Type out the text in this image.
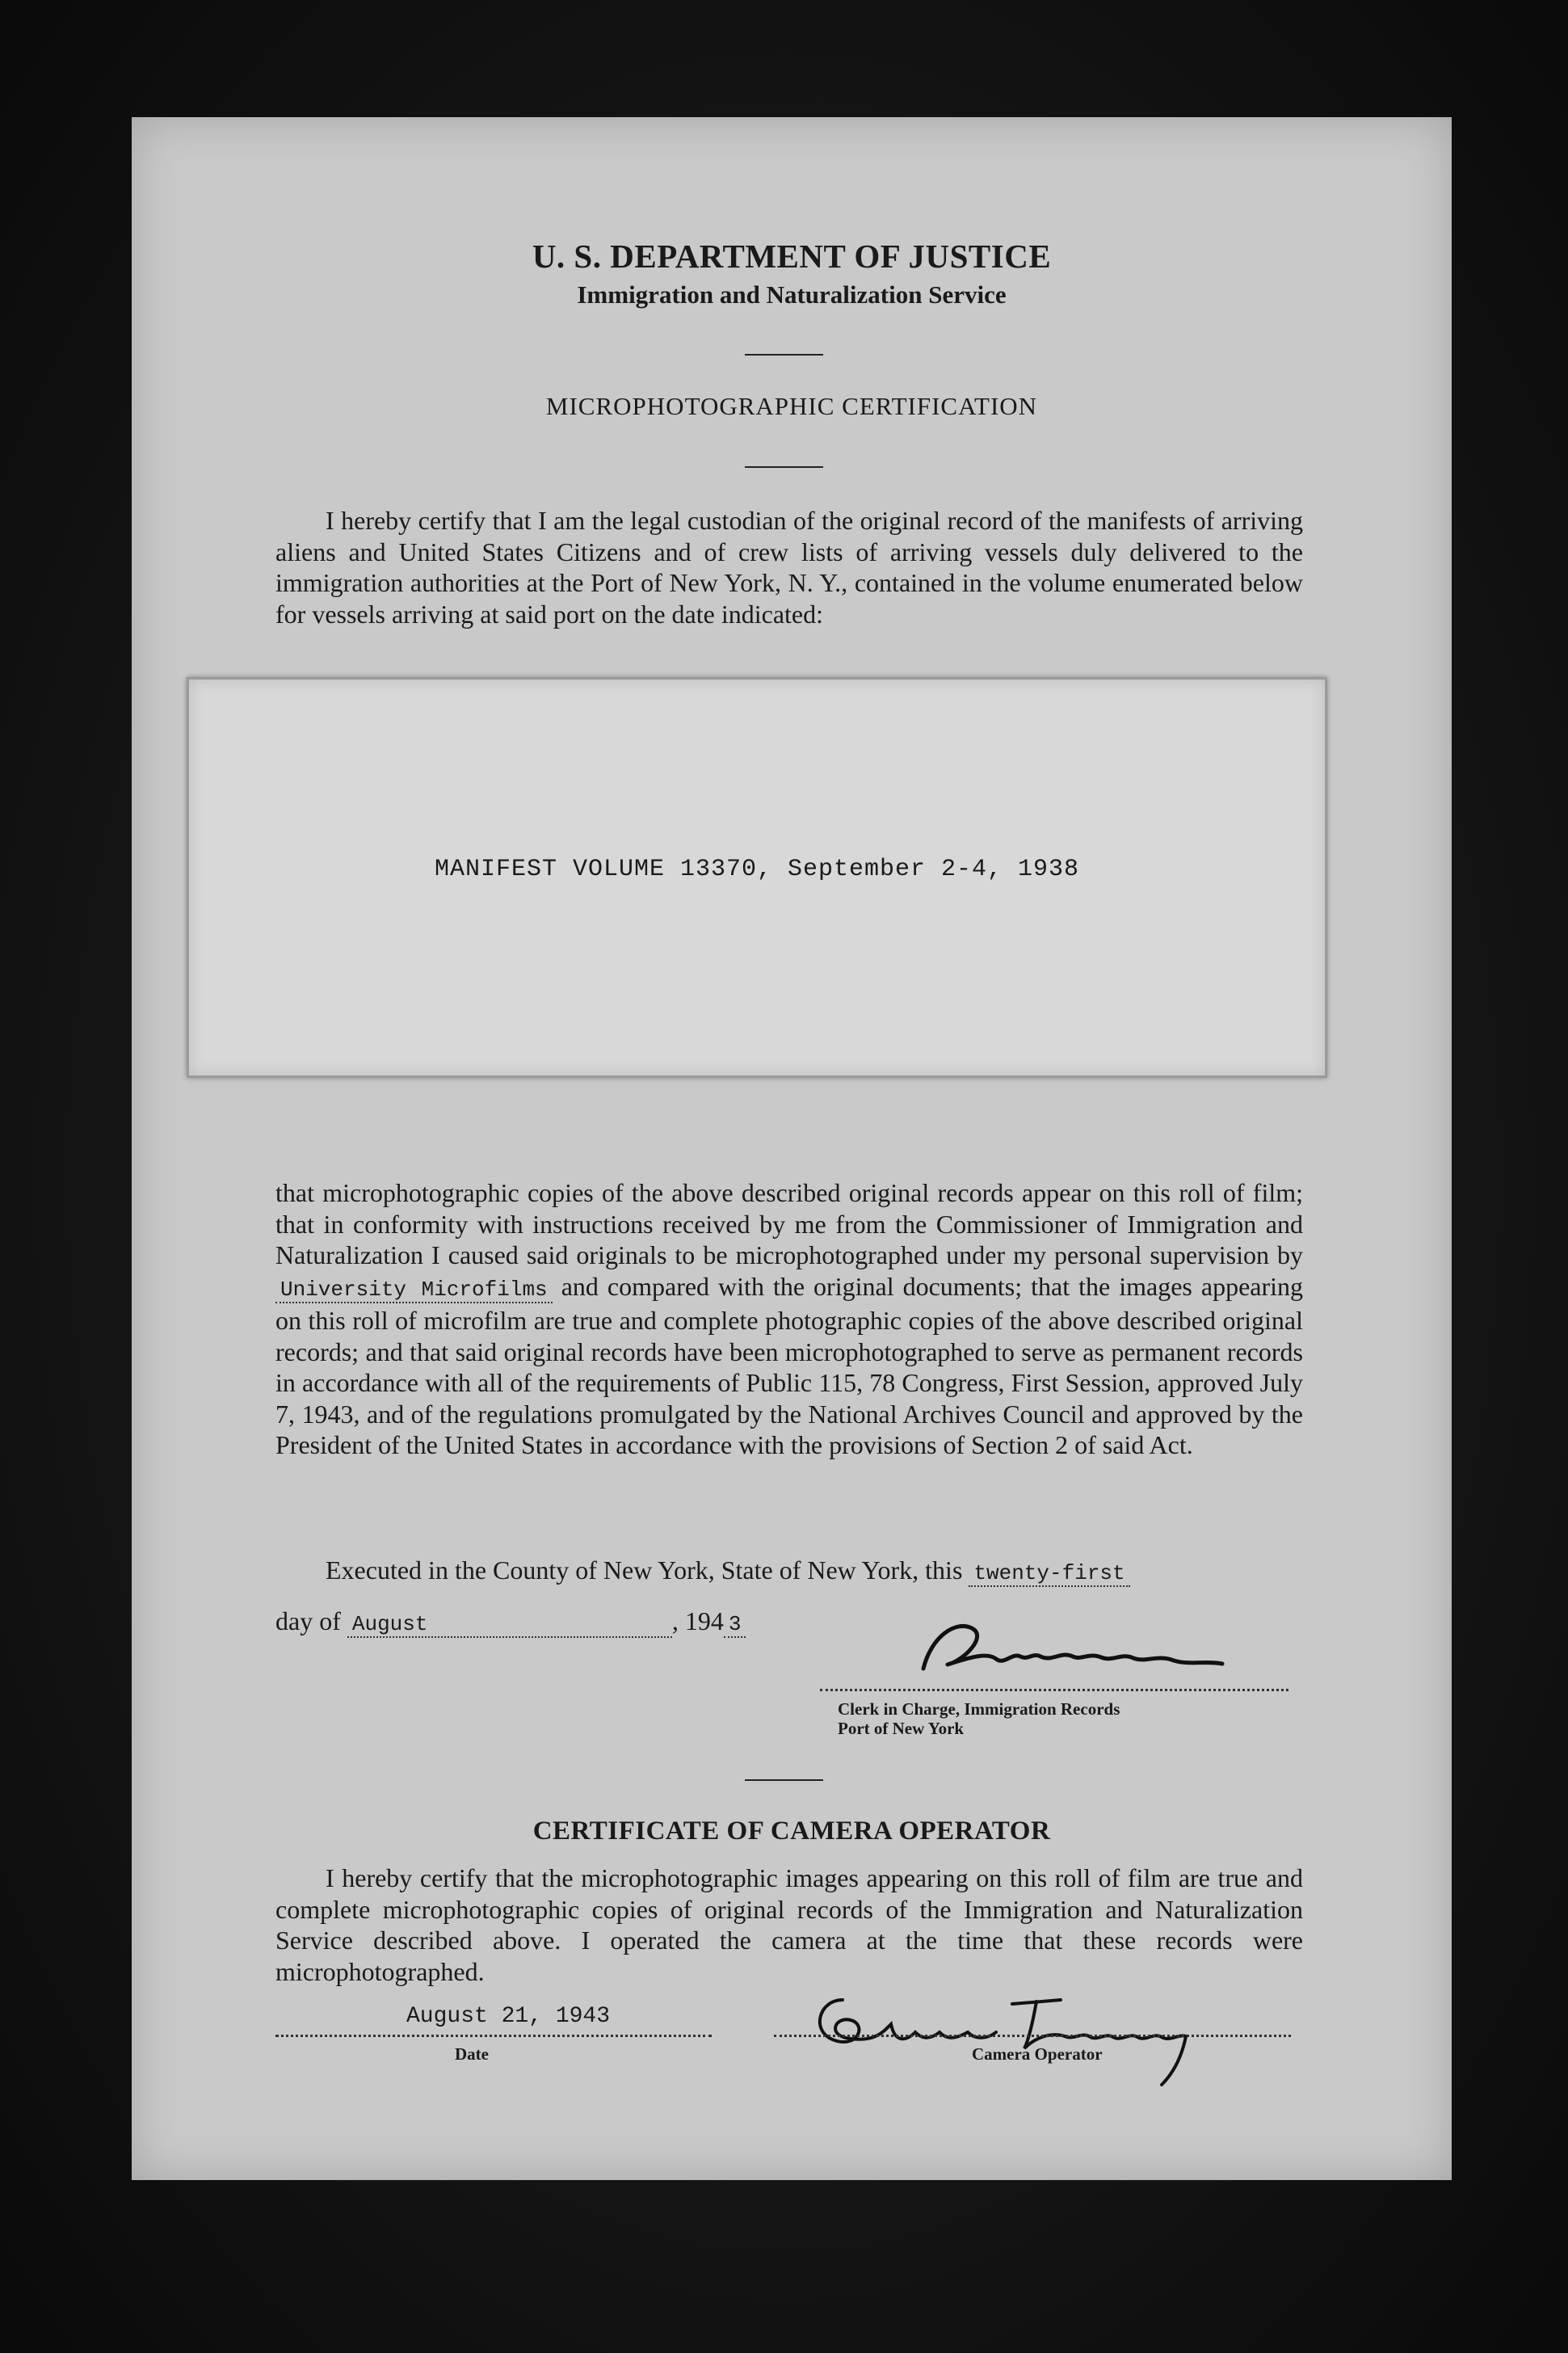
U. S. DEPARTMENT OF JUSTICE
Immigration and Naturalization Service
MICROPHOTOGRAPHIC CERTIFICATION
I hereby certify that I am the legal custodian of the original record of the manifests of arriving aliens and United States Citizens and of crew lists of arriving vessels duly delivered to the immigration authorities at the Port of New York, N. Y., contained in the volume enumerated below for vessels arriving at said port on the date indicated:
MANIFEST VOLUME 13370, September 2-4, 1938
that microphotographic copies of the above described original records appear on this roll of film; that in conformity with instructions received by me from the Commissioner of Immigration and Naturalization I caused said originals to be microphotographed under my personal supervision by University Microfilms and compared with the original documents; that the images appearing on this roll of microfilm are true and complete photographic copies of the above described original records; and that said original records have been microphotographed to serve as permanent records in accordance with all of the requirements of Public 115, 78 Congress, First Session, approved July 7, 1943, and of the regulations promulgated by the National Archives Council and approved by the President of the United States in accordance with the provisions of Section 2 of said Act.
Executed in the County of New York, State of New York, this twenty-first
day of August	, 194 3
Clerk in Charge, Immigration Records
Port of New York
CERTIFICATE OF CAMERA OPERATOR
I hereby certify that the microphotographic images appearing on this roll of film are true and complete microphotographic copies of original records of the Immigration and Naturalization Service described above. I operated the camera at the time that these records were microphotographed.
August 21, 1943
Date	Camera Operator
